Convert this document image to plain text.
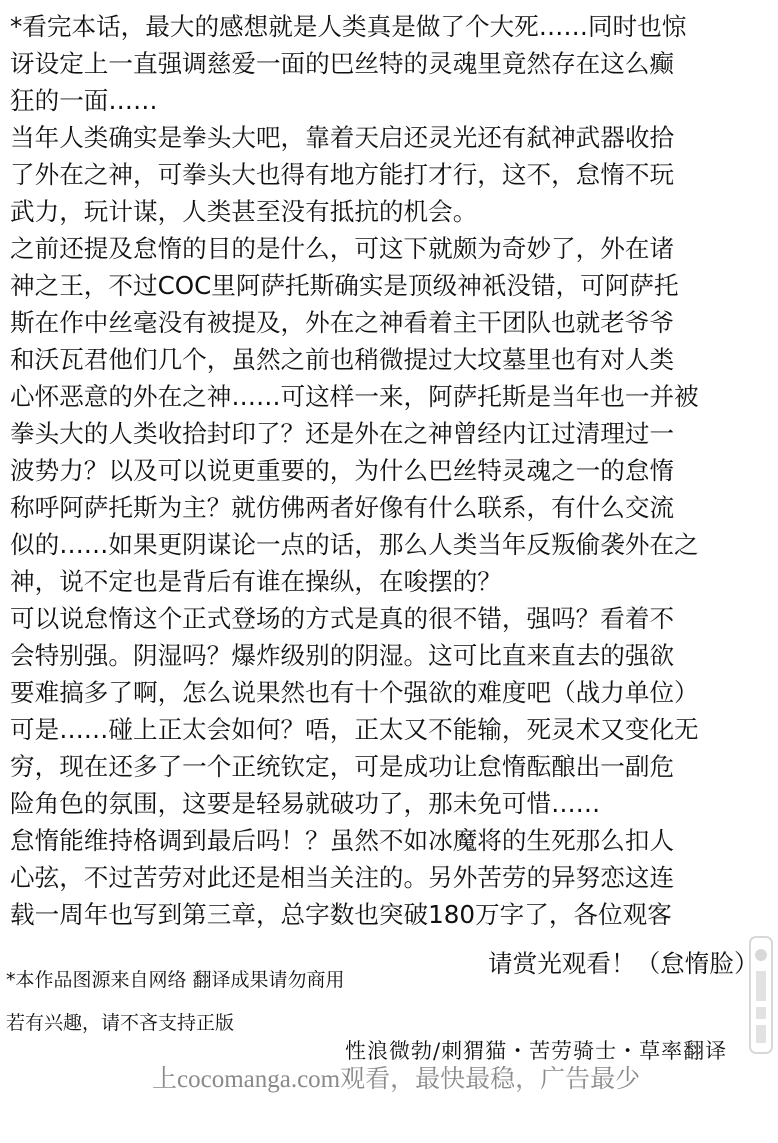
*看完本话，最大的感想就是人类真是做了个大死……同时也惊
讶设定上一直强调慈爱一面的巴丝特的灵魂里竟然存在这么癫
狂的一面……
当年人类确实是拳头大吧，靠着天启还灵光还有弑神武器收拾
了外在之神，可拳头大也得有地方能打才行，这不，怠惰不玩
武力，玩计谋，人类甚至没有抵抗的机会。
之前还提及怠惰的目的是什么，可这下就颇为奇妙了，外在诸
神之王，不过COC里阿萨托斯确实是顶级神祇没错，可阿萨托
斯在作中丝毫没有被提及，外在之神看着主干团队也就老爷爷
和沃瓦君他们几个，虽然之前也稍微提过大坟墓里也有对人类
心怀恶意的外在之神……可这样一来，阿萨托斯是当年也一并被
拳头大的人类收拾封印了？还是外在之神曾经内讧过清理过一
波势力？以及可以说更重要的，为什么巴丝特灵魂之一的怠惰
称呼阿萨托斯为主？就仿佛两者好像有什么联系，有什么交流
似的……如果更阴谋论一点的话，那么人类当年反叛偷袭外在之
神，说不定也是背后有谁在操纵，在唆摆的？
可以说怠惰这个正式登场的方式是真的很不错，强吗？看着不
会特别强。阴湿吗？爆炸级别的阴湿。这可比直来直去的强欲
要难搞多了啊，怎么说果然也有十个强欲的难度吧（战力单位）
可是……碰上正太会如何？唔，正太又不能输，死灵术又变化无
穷，现在还多了一个正统钦定，可是成功让怠惰酝酿出一副危
险角色的氛围，这要是轻易就破功了，那未免可惜……
怠惰能维持格调到最后吗！？虽然不如冰魔将的生死那么扣人
心弦，不过苦劳对此还是相当关注的。另外苦劳的异努恋这连
载一周年也写到第三章，总字数也突破180万字了，各位观客
请赏光观看！（怠惰脸）
*本作品图源来自网络 翻译成果请勿商用
若有兴趣，请不吝支持正版
性浪微勃/刺猬猫・苦劳骑士・草率翻译
上cocomanga.com观看，最快最稳，广告最少
